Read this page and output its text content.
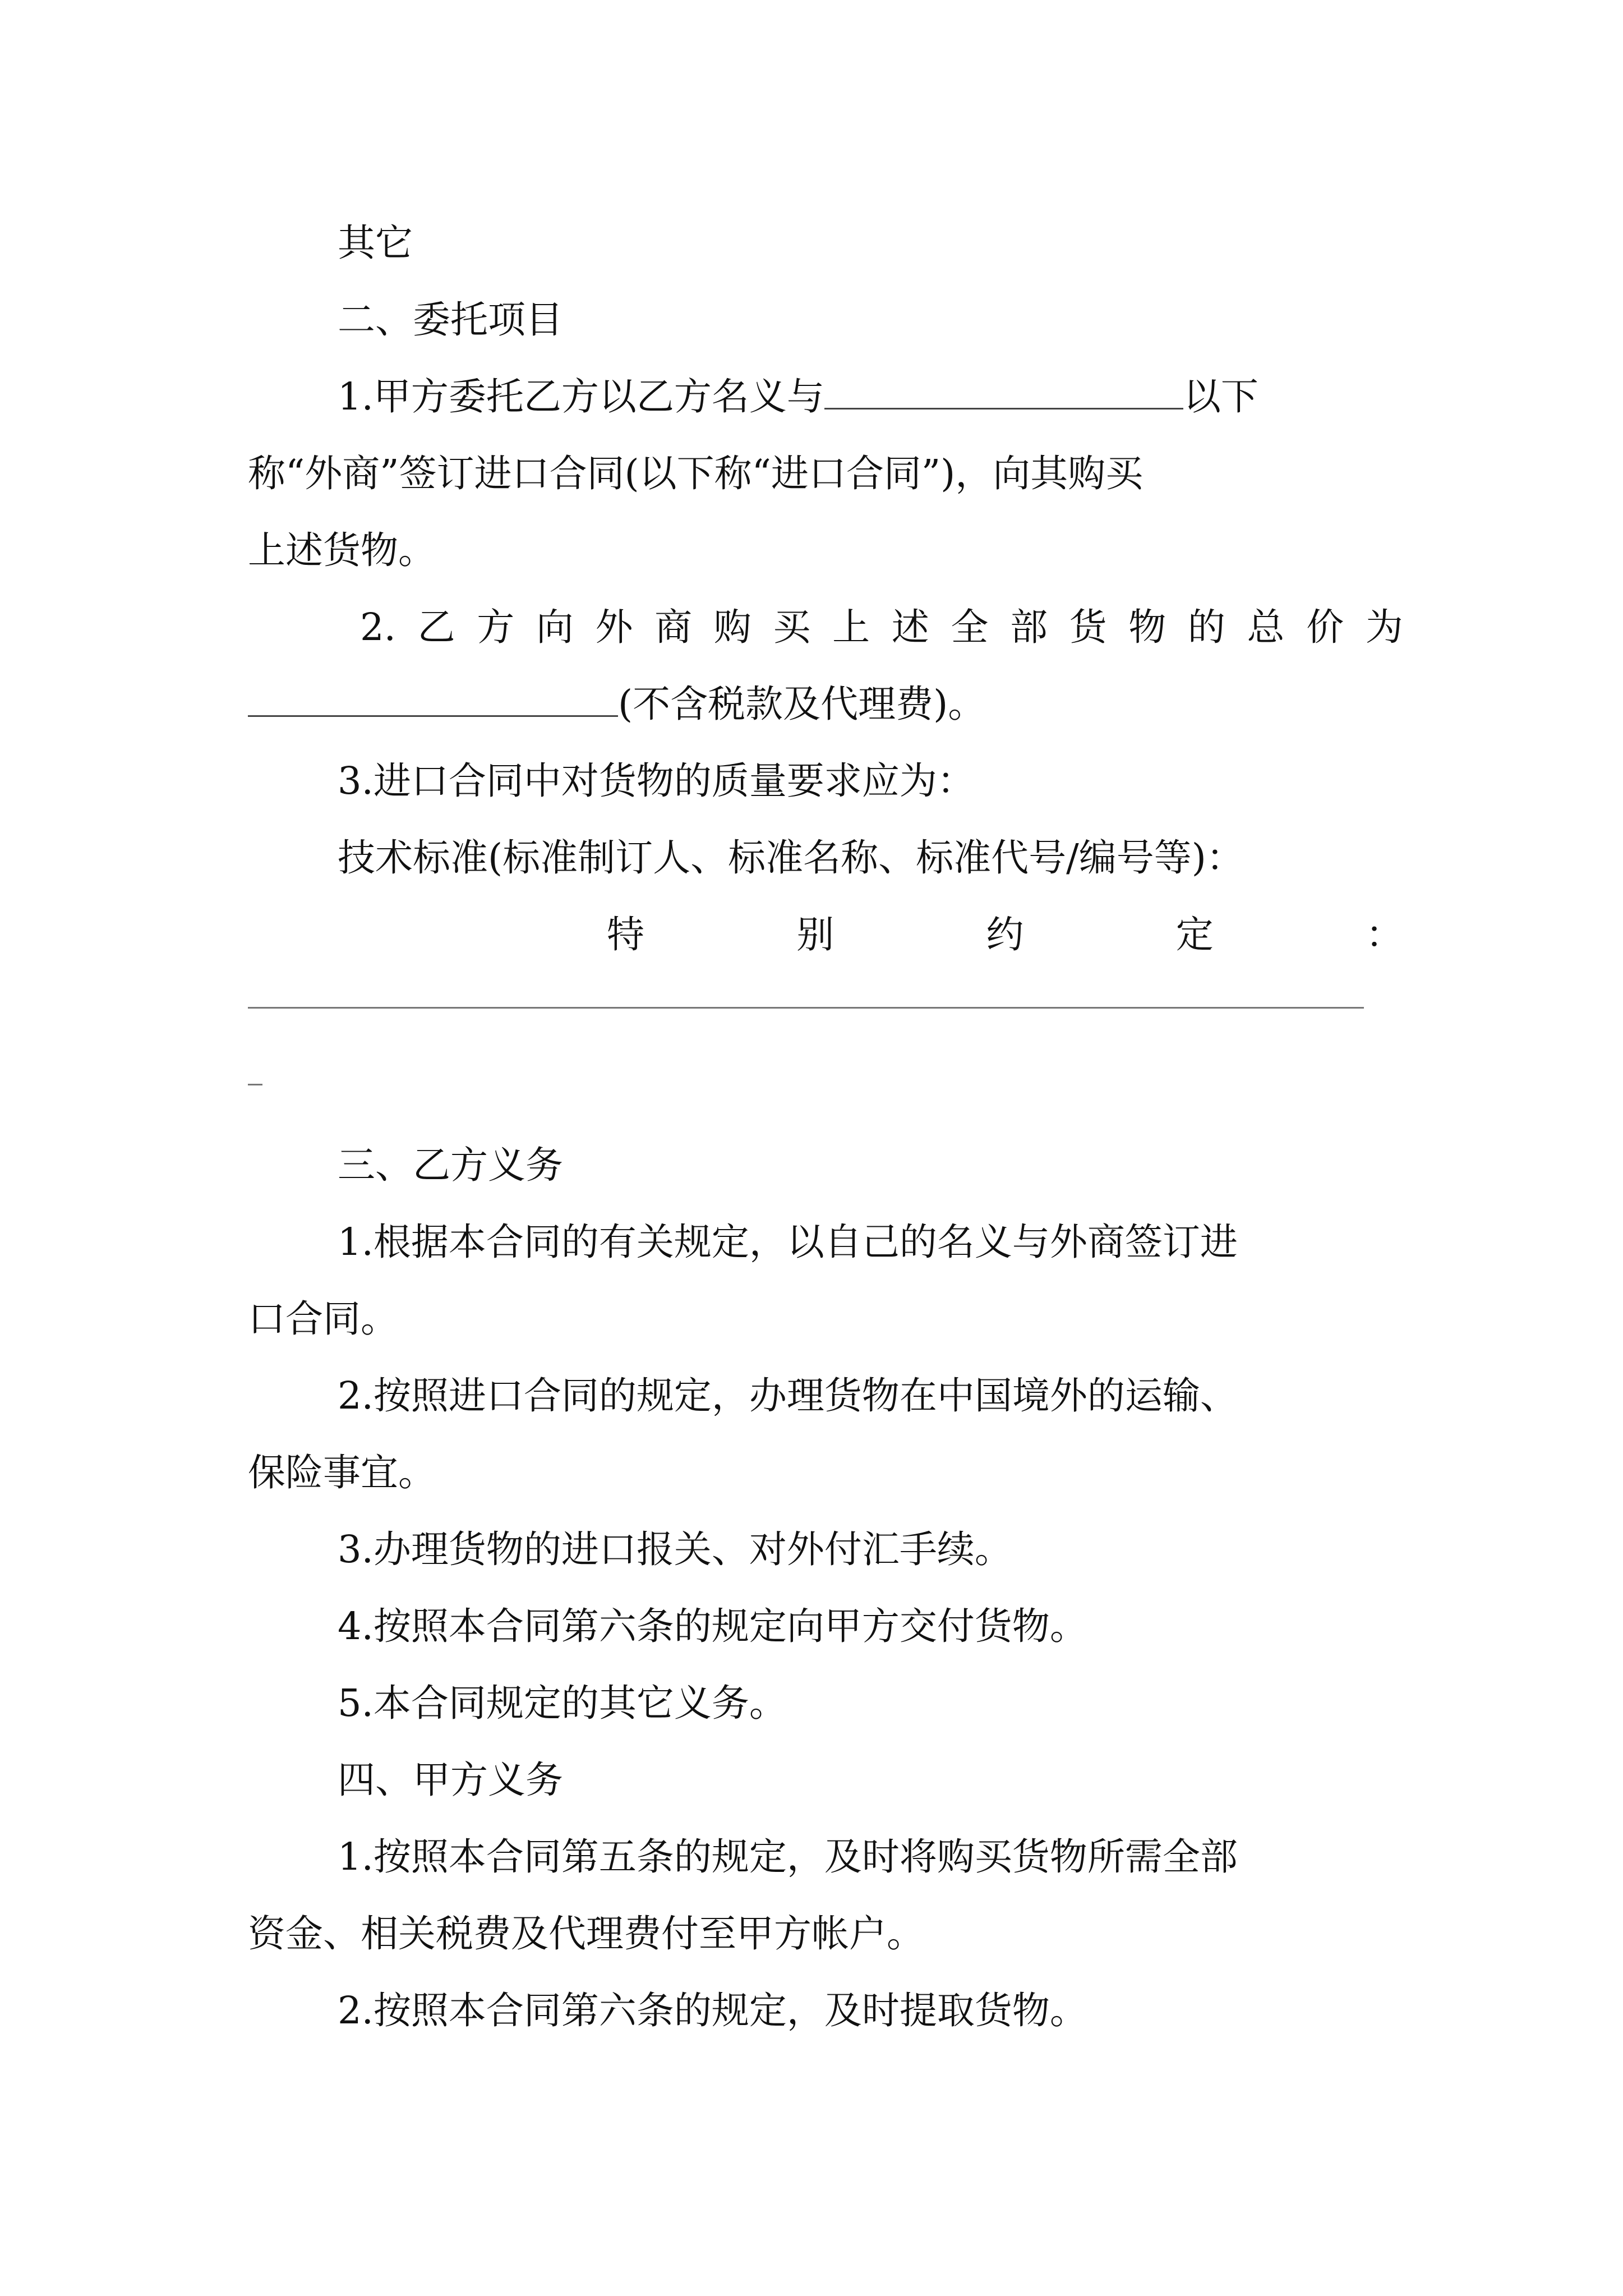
其它

二、委托项目

1.甲方委托乙方以乙方名义与	以下

称“外商”签订进口合同(以下称“进口合同”)，向其购买

上述货物。

2. 乙 方 向 外 商 购 买 上 述 全 部 货 物 的 总 价 为

(不含税款及代理费)。

3.进口合同中对货物的质量要求应为：

技术标准(标准制订人、标准名称、标准代号/编号等)：

特	别	约	定	：

三、乙方义务

1.根据本合同的有关规定，以自己的名义与外商签订进

口合同。

2.按照进口合同的规定，办理货物在中国境外的运输、

保险事宜。

3.办理货物的进口报关、对外付汇手续。

4.按照本合同第六条的规定向甲方交付货物。

5.本合同规定的其它义务。

四、甲方义务

1.按照本合同第五条的规定，及时将购买货物所需全部

资金、相关税费及代理费付至甲方帐户。

2.按照本合同第六条的规定，及时提取货物。
